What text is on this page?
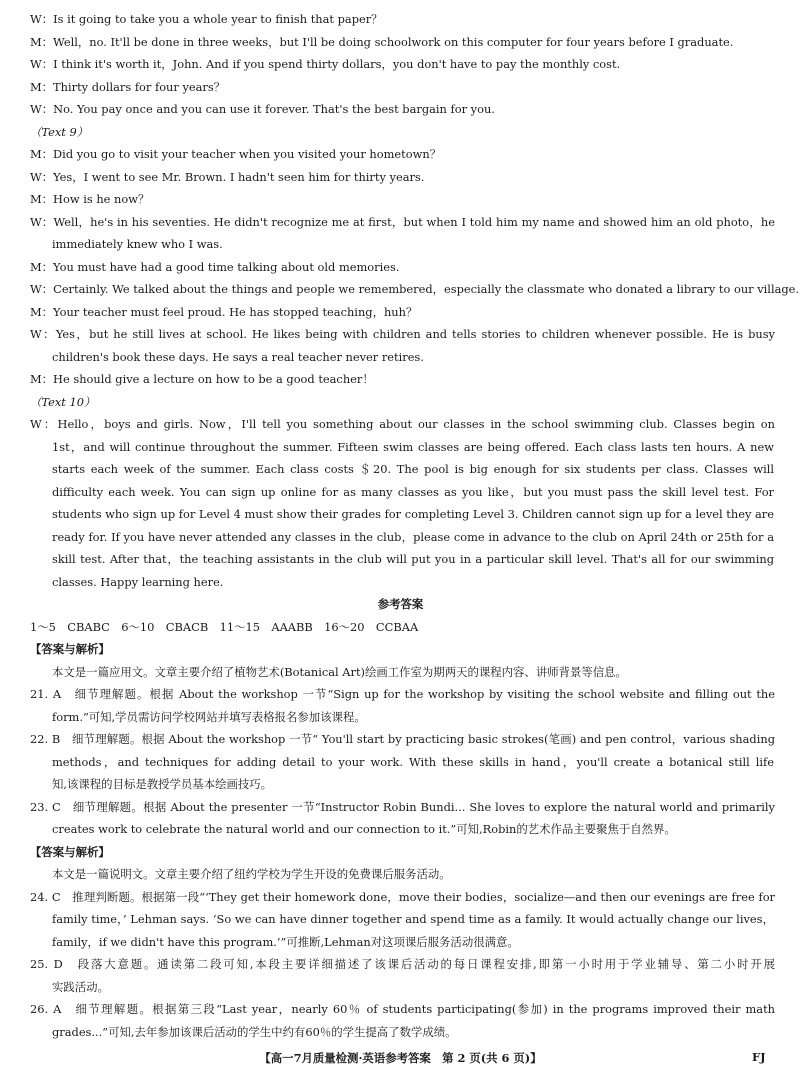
W：Is it going to take you a whole year to finish that paper？
M：Well，no. It'll be done in three weeks，but I'll be doing schoolwork on this computer for four years before I graduate.
W：I think it's worth it，John. And if you spend thirty dollars，you don't have to pay the monthly cost.
M：Thirty dollars for four years？
W：No. You pay once and you can use it forever. That's the best bargain for you.
（Text 9）
M：Did you go to visit your teacher when you visited your hometown？
W：Yes，I went to see Mr. Brown. I hadn't seen him for thirty years.
M：How is he now？
W：Well，he's in his seventies. He didn't recognize me at first，but when I told him my name and showed him an old photo，he
immediately knew who I was.
M：You must have had a good time talking about old memories.
W：Certainly. We talked about the things and people we remembered，especially the classmate who donated a library to our village.
M：Your teacher must feel proud. He has stopped teaching，huh？
W：Yes，but he still lives at school. He likes being with children and tells stories to children whenever possible. He is busy
children's book these days. He says a real teacher never retires.
M：He should give a lecture on how to be a good teacher！
（Text 10）
W：Hello，boys and girls. Now，I'll tell you something about our classes in the school swimming club. Classes begin on
1st，and will continue throughout the summer. Fifteen swim classes are being offered. Each class lasts ten hours. A new
starts each week of the summer. Each class costs ＄20. The pool is big enough for six students per class. Classes will
difficulty each week. You can sign up online for as many classes as you like，but you must pass the skill level test. For
students who sign up for Level 4 must show their grades for completing Level 3. Children cannot sign up for a level they are
ready for. If you have never attended any classes in the club，please come in advance to the club on April 24th or 25th for a
skill test. After that，the teaching assistants in the club will put you in a particular skill level. That's all for our swimming
classes. Happy learning here.
参考答案
1～5　CBABC　6～10　CBACB　11～15　AAABB　16～20　CCBAA
【答案与解析】
本文是一篇应用文。文章主要介绍了植物艺术(Botanical Art)绘画工作室为期两天的课程内容、讲师背景等信息。
21. A　细节理解题。根据 About the workshop 一节“Sign up for the workshop by visiting the school website and filling out the
form.”可知,学员需访问学校网站并填写表格报名参加该课程。
22. B　细节理解题。根据 About the workshop 一节“ You'll start by practicing basic strokes(笔画) and pen control，various shading
methods，and techniques for adding detail to your work. With these skills in hand，you'll create a botanical still life
知,该课程的目标是教授学员基本绘画技巧。
23. C　细节理解题。根据 About the presenter 一节“Instructor Robin Bundi... She loves to explore the natural world and primarily
creates work to celebrate the natural world and our connection to it.”可知,Robin的艺术作品主要聚焦于自然界。
【答案与解析】
本文是一篇说明文。文章主要介绍了纽约学校为学生开设的免费课后服务活动。
24. C　推理判断题。根据第一段“‘They get their homework done，move their bodies，socialize—and then our evenings are free for
family time，’ Lehman says. ‘So we can have dinner together and spend time as a family. It would actually change our lives，
family，if we didn't have this program.’”可推断,Lehman对这项课后服务活动很满意。
25. D　段落大意题。通读第二段可知,本段主要详细描述了该课后活动的每日课程安排,即第一小时用于学业辅导、第二小时开展
实践活动。
26. A　细节理解题。根据第三段“Last year，nearly 60％ of students participating(参加) in the programs improved their math
grades...”可知,去年参加该课后活动的学生中约有60％的学生提高了数学成绩。
【高一7月质量检测·英语参考答案　第 2 页(共 6 页)】	FJ
